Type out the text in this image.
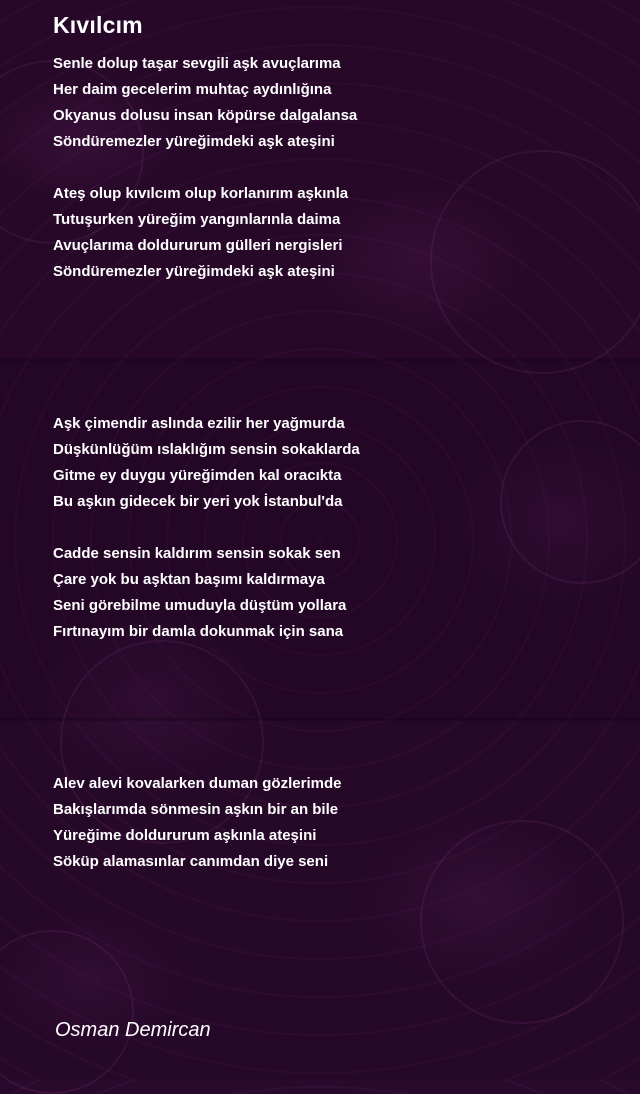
Kıvılcım
Senle dolup taşar sevgili aşk avuçlarıma
Her daim gecelerim muhtaç aydınlığına
Okyanus dolusu insan köpürse dalgalansa
Söndüremezler yüreğimdeki aşk ateşini
Ateş olup kıvılcım olup korlanırım aşkınla
Tutuşurken yüreğim yangınlarınla daima
Avuçlarıma doldururum gülleri nergisleri
Söndüremezler yüreğimdeki aşk ateşini
Aşk çimendir aslında ezilir her yağmurda
Düşkünlüğüm ıslaklığım sensin sokaklarda
Gitme ey duygu yüreğimden kal oracıkta
Bu aşkın gidecek bir yeri yok İstanbul'da
Cadde sensin kaldırım sensin sokak sen
Çare yok bu aşktan başımı kaldırmaya
Seni görebilme umuduyla düştüm yollara
Fırtınayım bir damla dokunmak için sana
Alev alevi kovalarken duman gözlerimde
Bakışlarımda sönmesin aşkın bir an bile
Yüreğime doldururum aşkınla ateşini
Söküp alamasınlar canımdan diye seni
Osman Demircan
